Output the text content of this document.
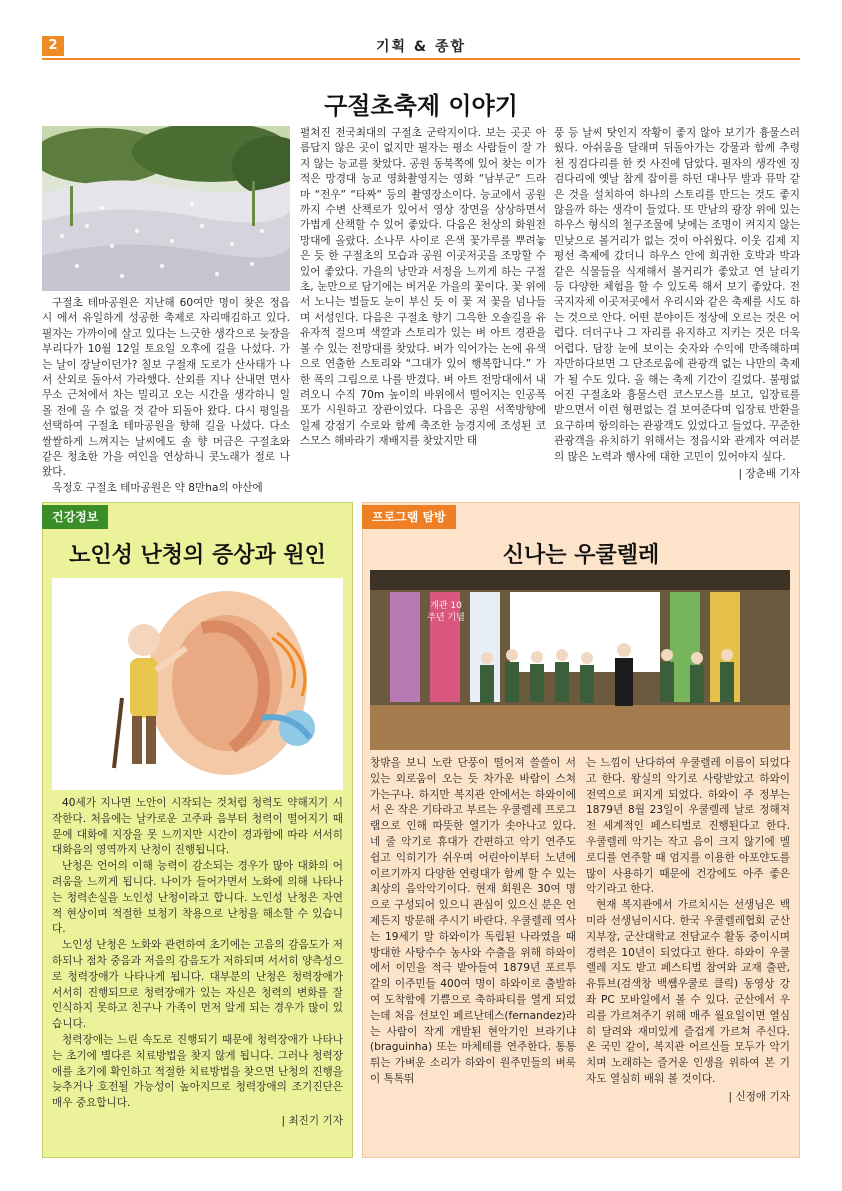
2	기획 & 종합
구절초축제 이야기

구절초 테마공원은 지난해 60여만 명이 찾은 정읍시 에서 유일하게 성공한 축제로 자리매김하고 있다. 필자는 가까이에 살고 있다는 느긋한 생각으로 늦장을 부리다가 10월 12일 토요일 오후에 길을 나섰다. 가는 날이 장날이던가? 칠보 구절재 도로가 산사태가 나서 산외로 돌아서 가라했다. 산외를 지나 산내면 면사무소 근처에서 차는 밀리고 오는 시간을 생각하니 일몰 전에 올 수 없을 것 같아 되돌아 왔다. 다시 평일을 선택하여 구절초 테마공원을 향해 길을 나섰다. 다소 쌀쌀하게 느껴지는 날씨에도 솔 향 머금은 구절초와 같은 청초한 가을 여인을 연상하니 콧노래가 절로 나왔다.

옥정호 구절초 테마공원은 약 8만ha의 야산에

펼쳐진 전국최대의 구절초 군락지이다. 보는 곳곳 아름답지 않은 곳이 없지만 필자는 평소 사람들이 잘 가지 않는 능교를 찾았다. 공원 동북쪽에 있어 찾는 이가 적은 망경대 능교 영화촬영지는 영화 “남부군” 드라마 “전우” “타짜” 등의 촬영장소이다. 능교에서 공원까지 수변 산책로가 있어서 영상 장면을 상상하면서 가볍게 산책할 수 있어 좋았다. 다음은 천상의 화원전망대에 올랐다. 소나무 사이로 은색 꽃가루를 뿌려놓은 듯 한 구절초의 모습과 공원 이곳저곳을 조망할 수 있어 좋았다. 가을의 낭만과 서정을 느끼게 하는 구절초, 눈만으로 담기에는 버거운 가을의 꽃이다. 꽃 위에서 노니는 벌들도 눈이 부신 듯 이 꽃 저 꽃을 넘나들며 서성인다. 다음은 구절초 향기 그윽한 오솔길을 유유자적 걸으며 색깔과 스토리가 있는 벼 아트 경관을 볼 수 있는 전망대를 찾았다. 벼가 익어가는 논에 유색으로 연출한 스토리와 “그대가 있어 행복합니다.” 가 한 폭의 그림으로 나를 반겼다. 벼 아트 전망대에서 내려오니 수직 70m 높이의 바위에서 떨어지는 인공폭포가 시원하고 장관이었다. 다음은 공원 서쪽방향에 일제 강점기 수로와 함께 축조한 능경지에 조성된 코스모스 해바라기 재배지를 찾았지만 태

풍 등 날씨 탓인지 작황이 좋지 않아 보기가 흉물스러웠다. 아쉬움을 달래며 뒤돌아가는 강물과 함께 추령천 징검다리를 한 컷 사진에 담았다. 필자의 생각엔 징검다리에 옛날 참게 잡이를 하던 대나무 발과 뮤막 같은 것을 설치하여 하나의 스토리를 만드는 것도 좋지 않을까 하는 생각이 들었다. 또 만남의 광장 위에 있는 하우스 형식의 철구조물에 낮에는 조명이 켜지지 않는 민낮으로 볼거리가 없는 것이 아쉬웠다. 이웃 김제 지평선 축제에 갔더니 하우스 안에 희귀한 호박과 박과 같은 식물들을 식재해서 볼거리가 좋았고 연 날리기 등 다양한 체험을 할 수 있도록 해서 보기 좋았다. 전국지자체 이곳저곳에서 우리시와 같은 축제를 시도 하는 것으로 안다. 어떤 분야이든 정상에 오르는 것은 어렵다. 더더구나 그 자리를 유지하고 지키는 것은 더욱 어렵다. 담장 눈에 보이는 숫자와 수익에 만족해하며 자만하다보면 그 단조로움에 관광객 없는 나만의 축제가 될 수도 있다. 올 해는 축제 기간이 길었다. 불평없어진 구절초와 흉물스런 코스모스를 보고, 입장료를 받으면서 이런 형편없는 걸 보여준다며 입장료 반환을 요구하며 항의하는 관광객도 있었다고 들었다. 꾸준한 관광객을 유치하기 위해서는 정읍시와 관계자 여러분의 많은 노력과 행사에 대한 고민이 있어야지 싶다.

| 장춘배 기자
건강정보
노인성 난청의 증상과 원인

40세가 지나면 노안이 시작되는 것처럼 청력도 약해지기 시작한다. 처음에는 날카로운 고주파 음부터 청력이 떨어지기 때문에 대화에 지장을 못 느끼지만 시간이 경과함에 따라 서서히 대화음의 영역까지 난청이 진행됩니다.

난청은 언어의 이해 능력이 감소되는 경우가 많아 대화의 어려움을 느끼게 됩니다. 나이가 들어가면서 노화에 의해 나타나는 청력손실을 노인성 난청이라고 합니다. 노인성 난청은 자연적 현상이며 적절한 보청기 착용으로 난청을 해소할 수 있습니다.

노인성 난청은 노화와 관련하여 초기에는 고음의 감음도가 저하되나 점차 중음과 저음의 감음도가 저하되며 서서히 양측성으로 청력장애가 나타나게 됩니다. 대부분의 난청은 청력장애가 서서히 진행되므로 청력장애가 있는 자신은 청력의 변화를 잘 인식하지 못하고 친구나 가족이 먼저 알게 되는 경우가 많이 있습니다.

청력장애는 느린 속도로 진행되기 때문에 청력장애가 나타나는 초기에 별다른 치료방법을 찾지 않게 됩니다. 그러나 청력장애를 초기에 확인하고 적절한 치료방법을 찾으면 난청의 진행을 늦추거나 호전될 가능성이 높아지므로 청력장애의 조기진단은 매우 중요합니다.

| 최진기 기자
프로그램 탐방
신나는 우쿨렐레
개관 10주년 기념

창밖을 보니 노란 단풍이 떨어져 쓸쓸이 서 있는 외로움이 오는 듯 차가운 바람이 스쳐 가는구나. 하지만 복지관 안에서는 하와이에서 온 작은 기타라고 부르는 우쿨렐레 프로그램으로 인해 따뜻한 열기가 솟아나고 있다. 네 줄 악기로 휴대가 간편하고 악기 연주도 쉽고 익히기가 쉬우며 어린아이부터 노년에 이르기까지 다양한 연령대가 함께 할 수 있는 최상의 음악악기이다. 현재 회원은 30여 명으로 구성되어 있으니 관심이 있으신 분은 언제든지 방문해 주시기 바란다. 우쿨렐레 역사는 19세기 말 하와이가 독립된 나라였을 때 방대한 사탕수수 농사와 수출을 위해 하와이에서 이민을 적극 받아들여 1879년 포르투갈의 이주민들 400여 명이 하와이로 출발하여 도착함에 기쁨으로 축하파티를 열게 되었는데 처음 선보인 페르난데스(fernandez)라는 사람이 작게 개발된 현악기인 브라기냐(braguinha) 또는 마체테를 연주한다. 통통 튀는 가벼운 소리가 하와이 원주민들의 벼룩이 톡톡뛰

는 느낌이 난다하여 우쿨렐레 이름이 되었다고 한다. 왕실의 악기로 사랑받았고 하와이 전역으로 퍼지게 되었다. 하와이 주 정부는 1879년 8월 23일이 우쿨렐레 날로 정해져 전 세계적인 페스티벌로 진행된다고 한다. 우쿨렐레 악기는 작고 음이 크지 않기에 멜로디를 연주할 때 엄지를 이용한 아포얀도를 많이 사용하기 때문에 건강에도 아주 좋은 악기라고 한다.

현재 복지관에서 가르치시는 선생님은 백미라 선생님이시다. 한국 우쿨렐레협회 군산 지부장, 군산대학교 전담교수 활동 중이시며 경력은 10년이 되었다고 한다. 하와이 우쿨렐레 지도 받고 페스티벌 참여와 교재 출판, 유튜브(검색창 백쌤우쿨로 클릭) 동영상 강좌 PC 모바일에서 볼 수 있다. 군산에서 우리를 가르쳐주기 위해 매주 월요일이면 열심히 달려와 재미있게 즐겁게 가르쳐 주신다. 온 국민 같이, 복지관 어르신들 모두가 악기치며 노래하는 즐거운 인생을 위하여 본 기자도 열심히 배워 볼 것이다.

| 신정애 기자
